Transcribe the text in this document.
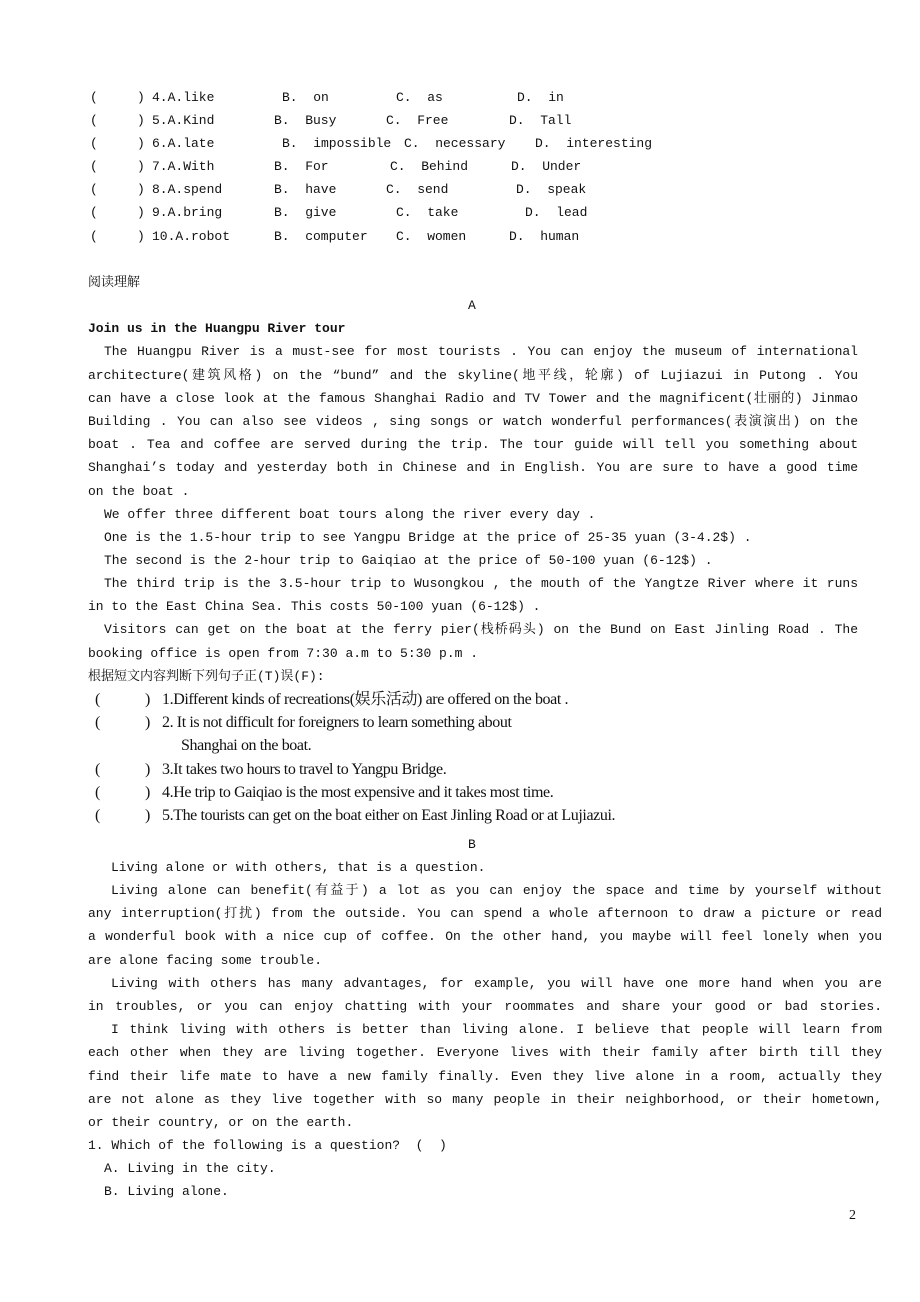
(	) 4.A.like	B.  on	C.  as	D.  in
(	) 5.A.Kind	B.  Busy	C.  Free	D.  Tall
(	) 6.A.late	B.  impossible C.  necessary D.  interesting
(	) 7.A.With	B.  For	C.  Behind	D.  Under
(	) 8.A.spend	B.  have	C.  send	D.  speak
(	) 9.A.bring	B.  give	C.  take	D.  lead
(	) 10.A.robot	B.  computer C.  women	D.  human
阅读理解
A
Join us in the Huangpu River tour
The Huangpu River is a must-see for most tourists . You can enjoy the museum of international
architecture(建筑风格) on the “bund” and the skyline(地平线，轮廓) of Lujiazui in Putong . You
can have a close look at the famous Shanghai Radio and TV Tower and the magnificent(壮丽的) Jinmao
Building . You can also see videos , sing songs or watch wonderful performances(表演演出) on the
boat . Tea and coffee are served during the trip. The tour guide will tell you something about
Shanghai’s today and yesterday both in Chinese and in English. You are sure to have a good time
on the boat .
We offer three different boat tours along the river every day .
One is the 1.5-hour trip to see Yangpu Bridge at the price of 25-35 yuan (3-4.2$) .
The second is the 2-hour trip to Gaiqiao at the price of 50-100 yuan (6-12$) .
The third trip is the 3.5-hour trip to Wusongkou , the mouth of the Yangtze River where it runs
in to the East China Sea. This costs 50-100 yuan (6-12$) .
Visitors can get on the boat at the ferry pier(栈桥码头) on the Bund on East Jinling Road . The
booking office is open from 7:30 a.m to 5:30 p.m .
根据短文内容判断下列句子正(T)误(F):
(	) 1.Different kinds of recreations(娱乐活动) are offered on the boat .
(	) 2. It is not difficult for foreigners to learn something about
Shanghai on the boat.
(	) 3.It takes two hours to travel to Yangpu Bridge.
(	) 4.He trip to Gaiqiao is the most expensive and it takes most time.
(	) 5.The tourists can get on the boat either on East Jinling Road or at Lujiazui.
B
Living alone or with others, that is a question.
Living alone can benefit(有益于) a lot as you can enjoy the space and time by yourself without
any interruption(打扰) from the outside. You can spend a whole afternoon to draw a picture or read
a wonderful book with a nice cup of coffee. On the other hand, you maybe will feel lonely when you
are alone facing some trouble.
Living with others has many advantages, for example, you will have one more hand when you are
in troubles, or you can enjoy chatting with your roommates and share your good or bad stories.
I think living with others is better than living alone. I believe that people will learn from
each other when they are living together. Everyone lives with their family after birth till they
find their life mate to have a new family finally. Even they live alone in a room, actually they
are not alone as they live together with so many people in their neighborhood, or their hometown,
or their country, or on the earth.
1. Which of the following is a question?  (  )
A. Living in the city.
B. Living alone.
2
